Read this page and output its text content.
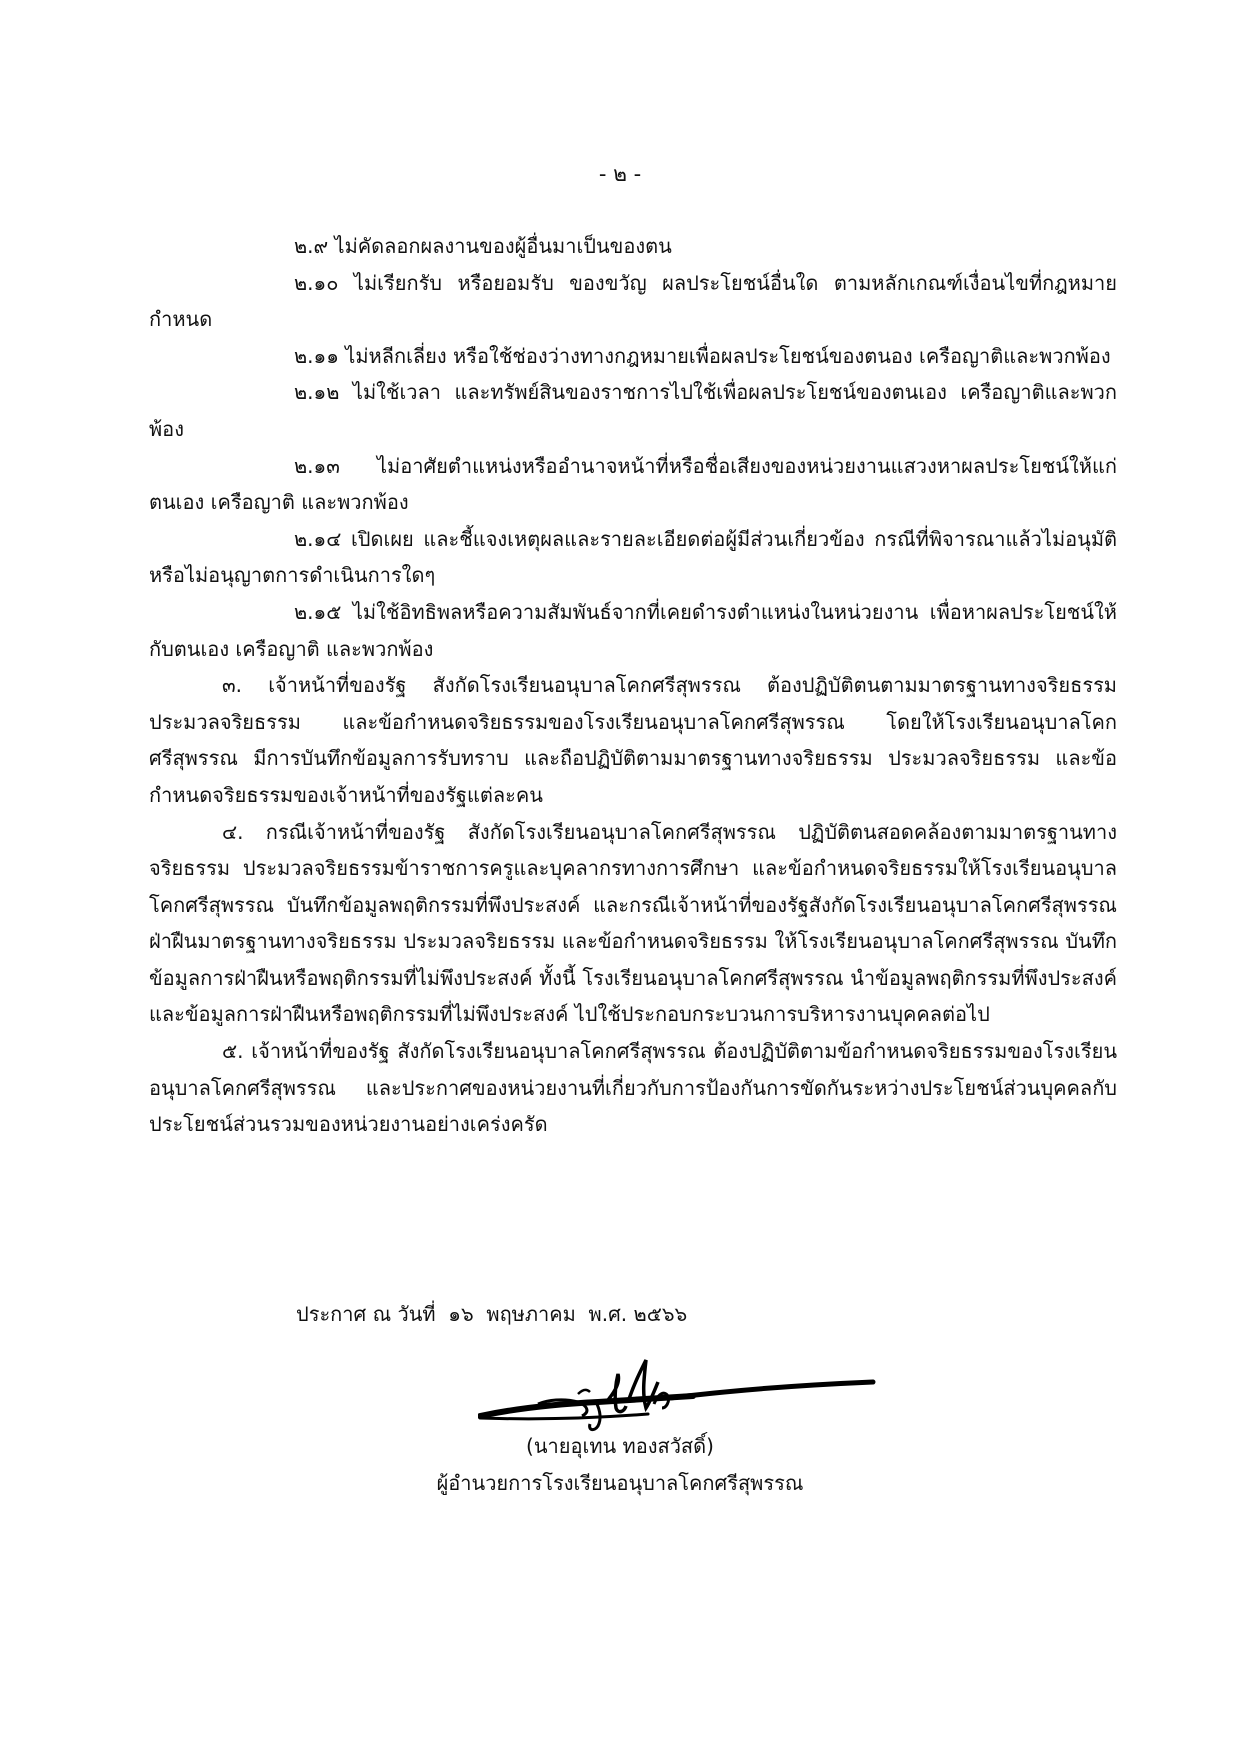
- ๒ -

๒.๙ ไม่คัดลอกผลงานของผู้อื่นมาเป็นของตน

๒.๑๐ ไม่เรียกรับ หรือยอมรับ ของขวัญ ผลประโยชน์อื่นใด ตามหลักเกณฑ์เงื่อนไขที่กฎหมายกำหนด

๒.๑๑ ไม่หลีกเลี่ยง หรือใช้ช่องว่างทางกฎหมายเพื่อผลประโยชน์ของตนอง เครือญาติและพวกพ้อง

๒.๑๒ ไม่ใช้เวลา และทรัพย์สินของราชการไปใช้เพื่อผลประโยชน์ของตนเอง เครือญาติและพวกพ้อง

๒.๑๓ ไม่อาศัยตำแหน่งหรืออำนาจหน้าที่หรือชื่อเสียงของหน่วยงานแสวงหาผลประโยชน์ให้แก่ตนเอง เครือญาติ และพวกพ้อง

๒.๑๔ เปิดเผย และชี้แจงเหตุผลและรายละเอียดต่อผู้มีส่วนเกี่ยวข้อง กรณีที่พิจารณาแล้วไม่อนุมัติ หรือไม่อนุญาตการดำเนินการใดๆ

๒.๑๕ ไม่ใช้อิทธิพลหรือความสัมพันธ์จากที่เคยดำรงตำแหน่งในหน่วยงาน เพื่อหาผลประโยชน์ให้กับตนเอง เครือญาติ และพวกพ้อง

๓. เจ้าหน้าที่ของรัฐ สังกัดโรงเรียนอนุบาลโคกศรีสุพรรณ ต้องปฏิบัติตนตามมาตรฐานทางจริยธรรม ประมวลจริยธรรม และข้อกำหนดจริยธรรมของโรงเรียนอนุบาลโคกศรีสุพรรณ โดยให้โรงเรียนอนุบาลโคกศรีสุพรรณ มีการบันทึกข้อมูลการรับทราบ และถือปฏิบัติตามมาตรฐานทางจริยธรรม ประมวลจริยธรรม และข้อกำหนดจริยธรรมของเจ้าหน้าที่ของรัฐแต่ละคน

๔. กรณีเจ้าหน้าที่ของรัฐ สังกัดโรงเรียนอนุบาลโคกศรีสุพรรณ ปฏิบัติตนสอดคล้องตามมาตรฐานทางจริยธรรม ประมวลจริยธรรมข้าราชการครูและบุคลากรทางการศึกษา และข้อกำหนดจริยธรรมให้โรงเรียนอนุบาลโคกศรีสุพรรณ บันทึกข้อมูลพฤติกรรมที่พึงประสงค์ และกรณีเจ้าหน้าที่ของรัฐสังกัดโรงเรียนอนุบาลโคกศรีสุพรรณ ฝ่าฝืนมาตรฐานทางจริยธรรม ประมวลจริยธรรม และข้อกำหนดจริยธรรม ให้โรงเรียนอนุบาลโคกศรีสุพรรณ บันทึกข้อมูลการฝ่าฝืนหรือพฤติกรรมที่ไม่พึงประสงค์ ทั้งนี้ โรงเรียนอนุบาลโคกศรีสุพรรณ นำข้อมูลพฤติกรรมที่พึงประสงค์และข้อมูลการฝ่าฝืนหรือพฤติกรรมที่ไม่พึงประสงค์ ไปใช้ประกอบกระบวนการบริหารงานบุคคลต่อไป

๕. เจ้าหน้าที่ของรัฐ สังกัดโรงเรียนอนุบาลโคกศรีสุพรรณ ต้องปฏิบัติตามข้อกำหนดจริยธรรมของโรงเรียนอนุบาลโคกศรีสุพรรณ และประกาศของหน่วยงานที่เกี่ยวกับการป้องกันการขัดกันระหว่างประโยชน์ส่วนบุคคลกับประโยชน์ส่วนรวมของหน่วยงานอย่างเคร่งครัด

ประกาศ ณ วันที่  ๑๖  พฤษภาคม  พ.ศ. ๒๕๖๖
(นายอุเทน ทองสวัสดิ์)
ผู้อำนวยการโรงเรียนอนุบาลโคกศรีสุพรรณ
